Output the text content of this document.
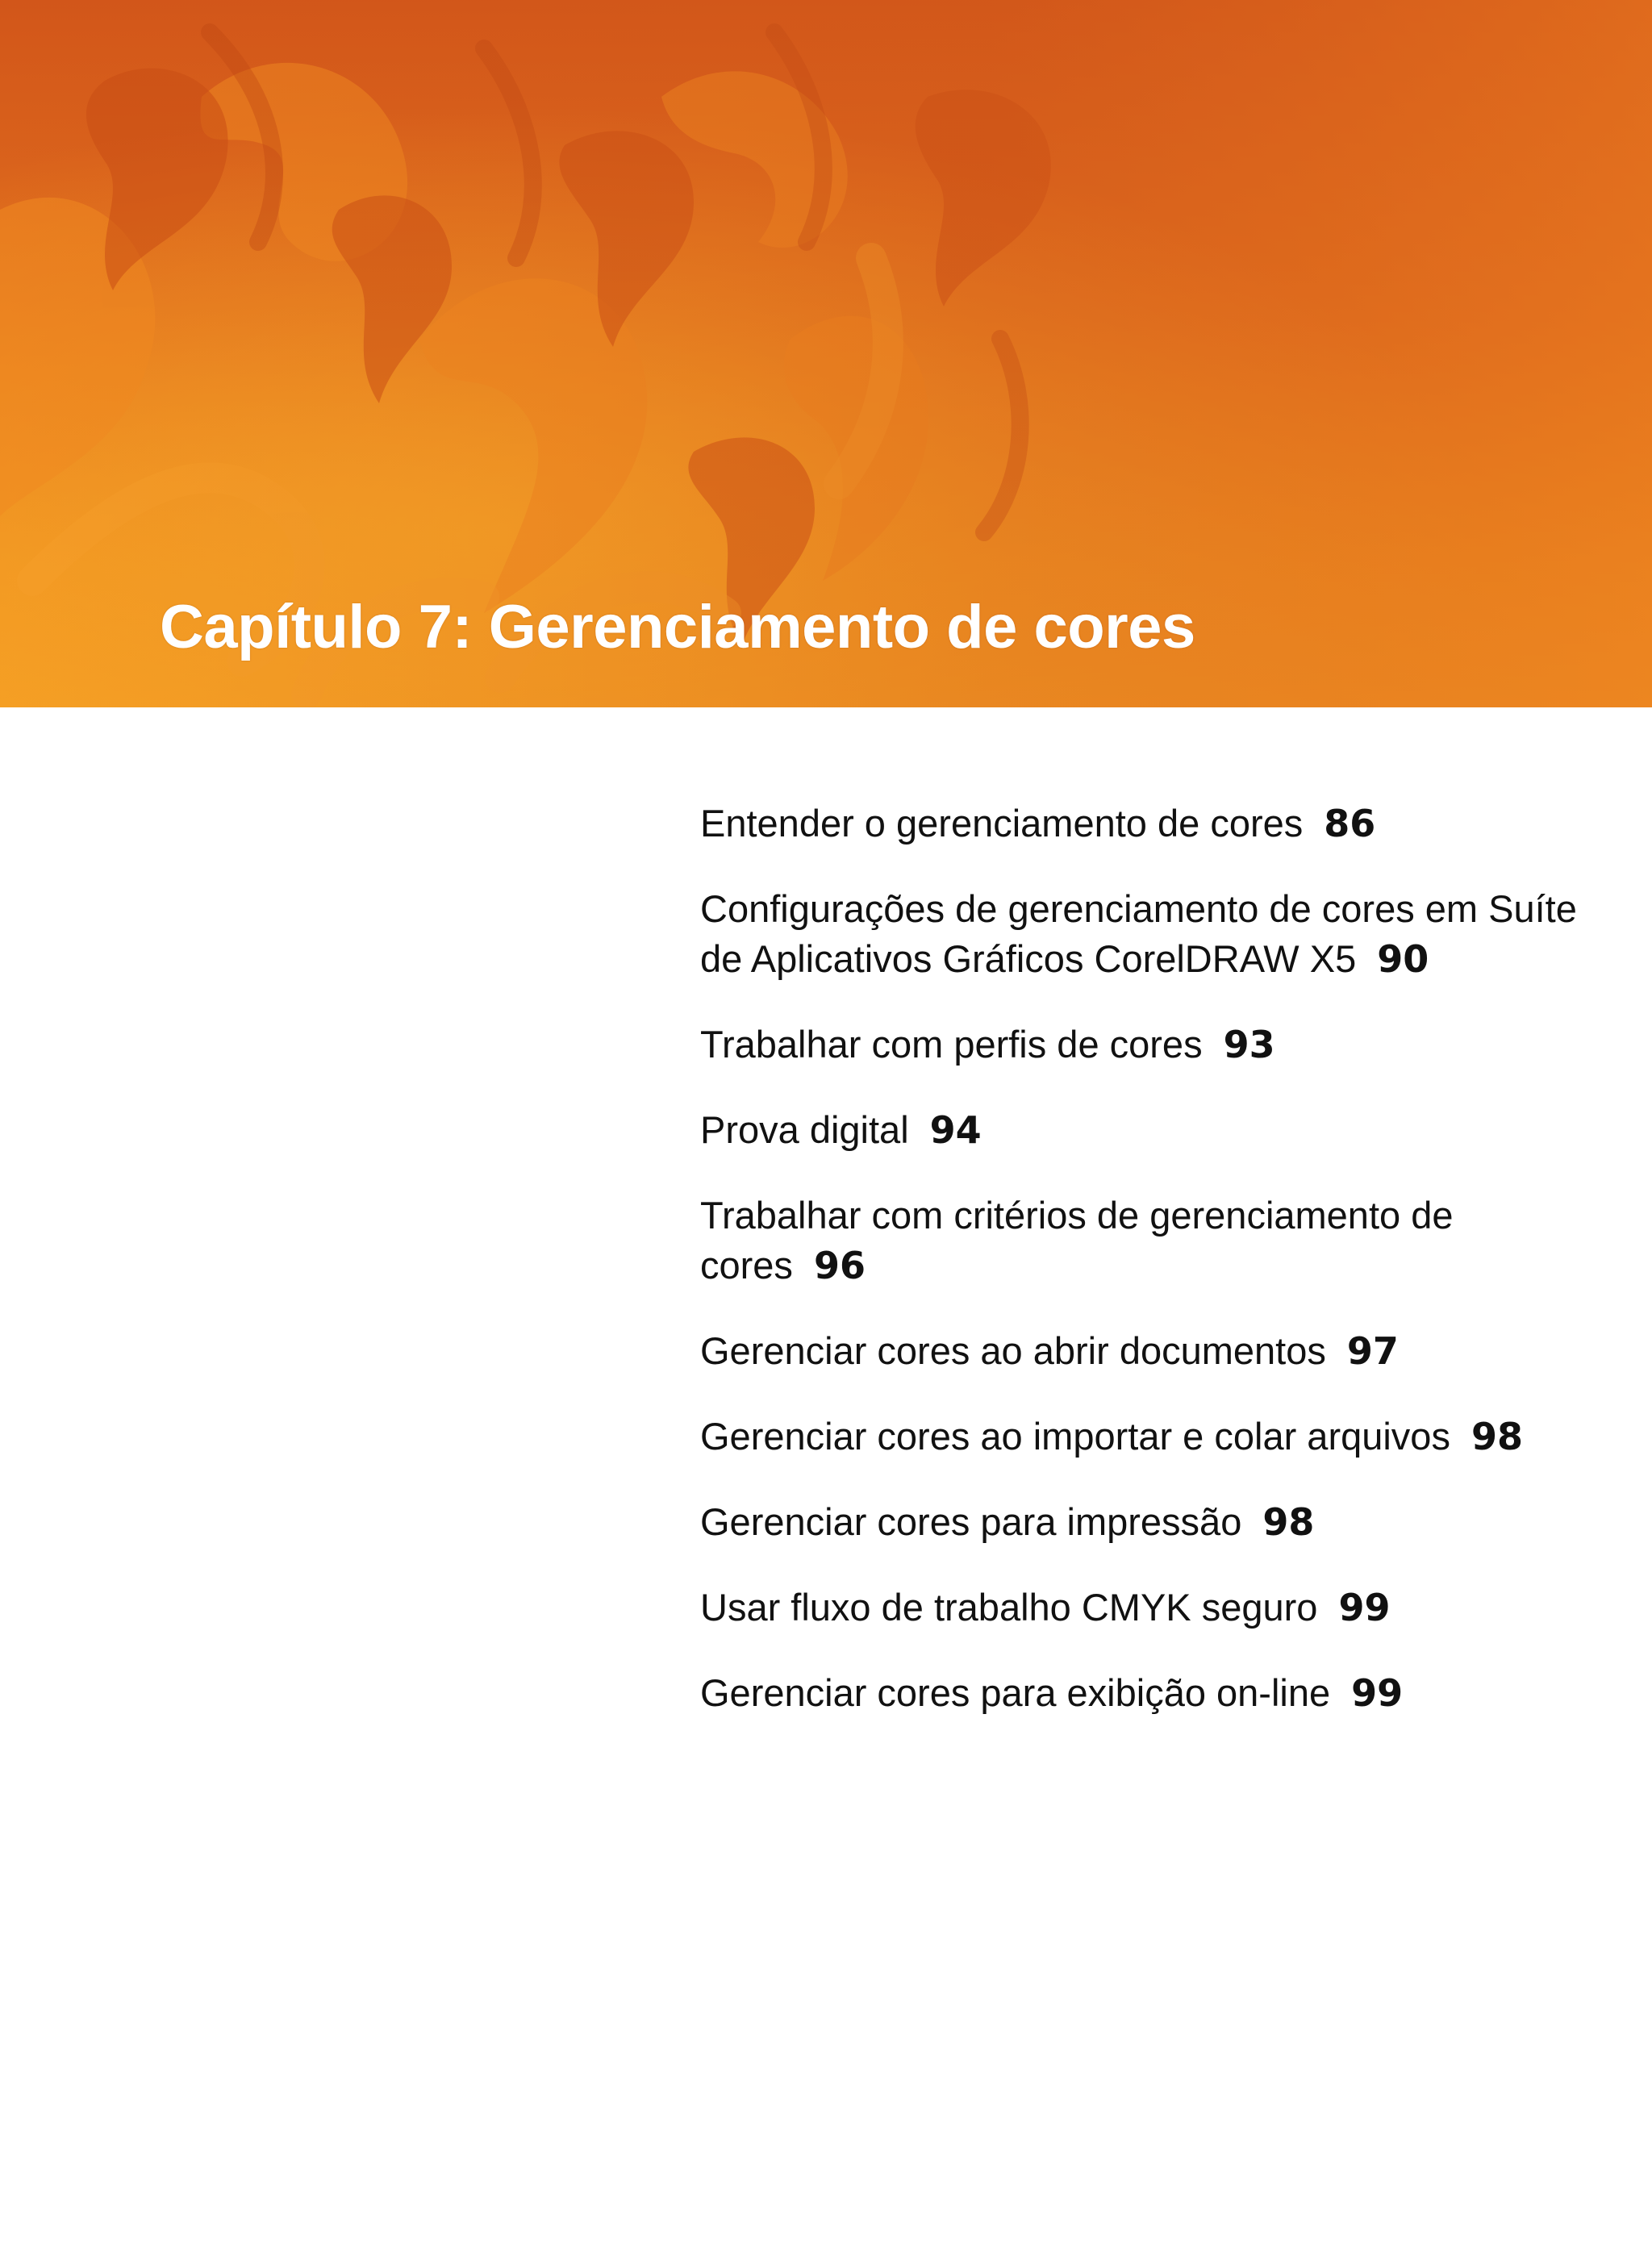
Capítulo 7: Gerenciamento de cores
Entender o gerenciamento de cores 86
Configurações de gerenciamento de cores em Suíte de Aplicativos Gráficos CorelDRAW X5 90
Trabalhar com perfis de cores 93
Prova digital 94
Trabalhar com critérios de gerenciamento de cores 96
Gerenciar cores ao abrir documentos 97
Gerenciar cores ao importar e colar arquivos 98
Gerenciar cores para impressão 98
Usar fluxo de trabalho CMYK seguro 99
Gerenciar cores para exibição on-line 99
